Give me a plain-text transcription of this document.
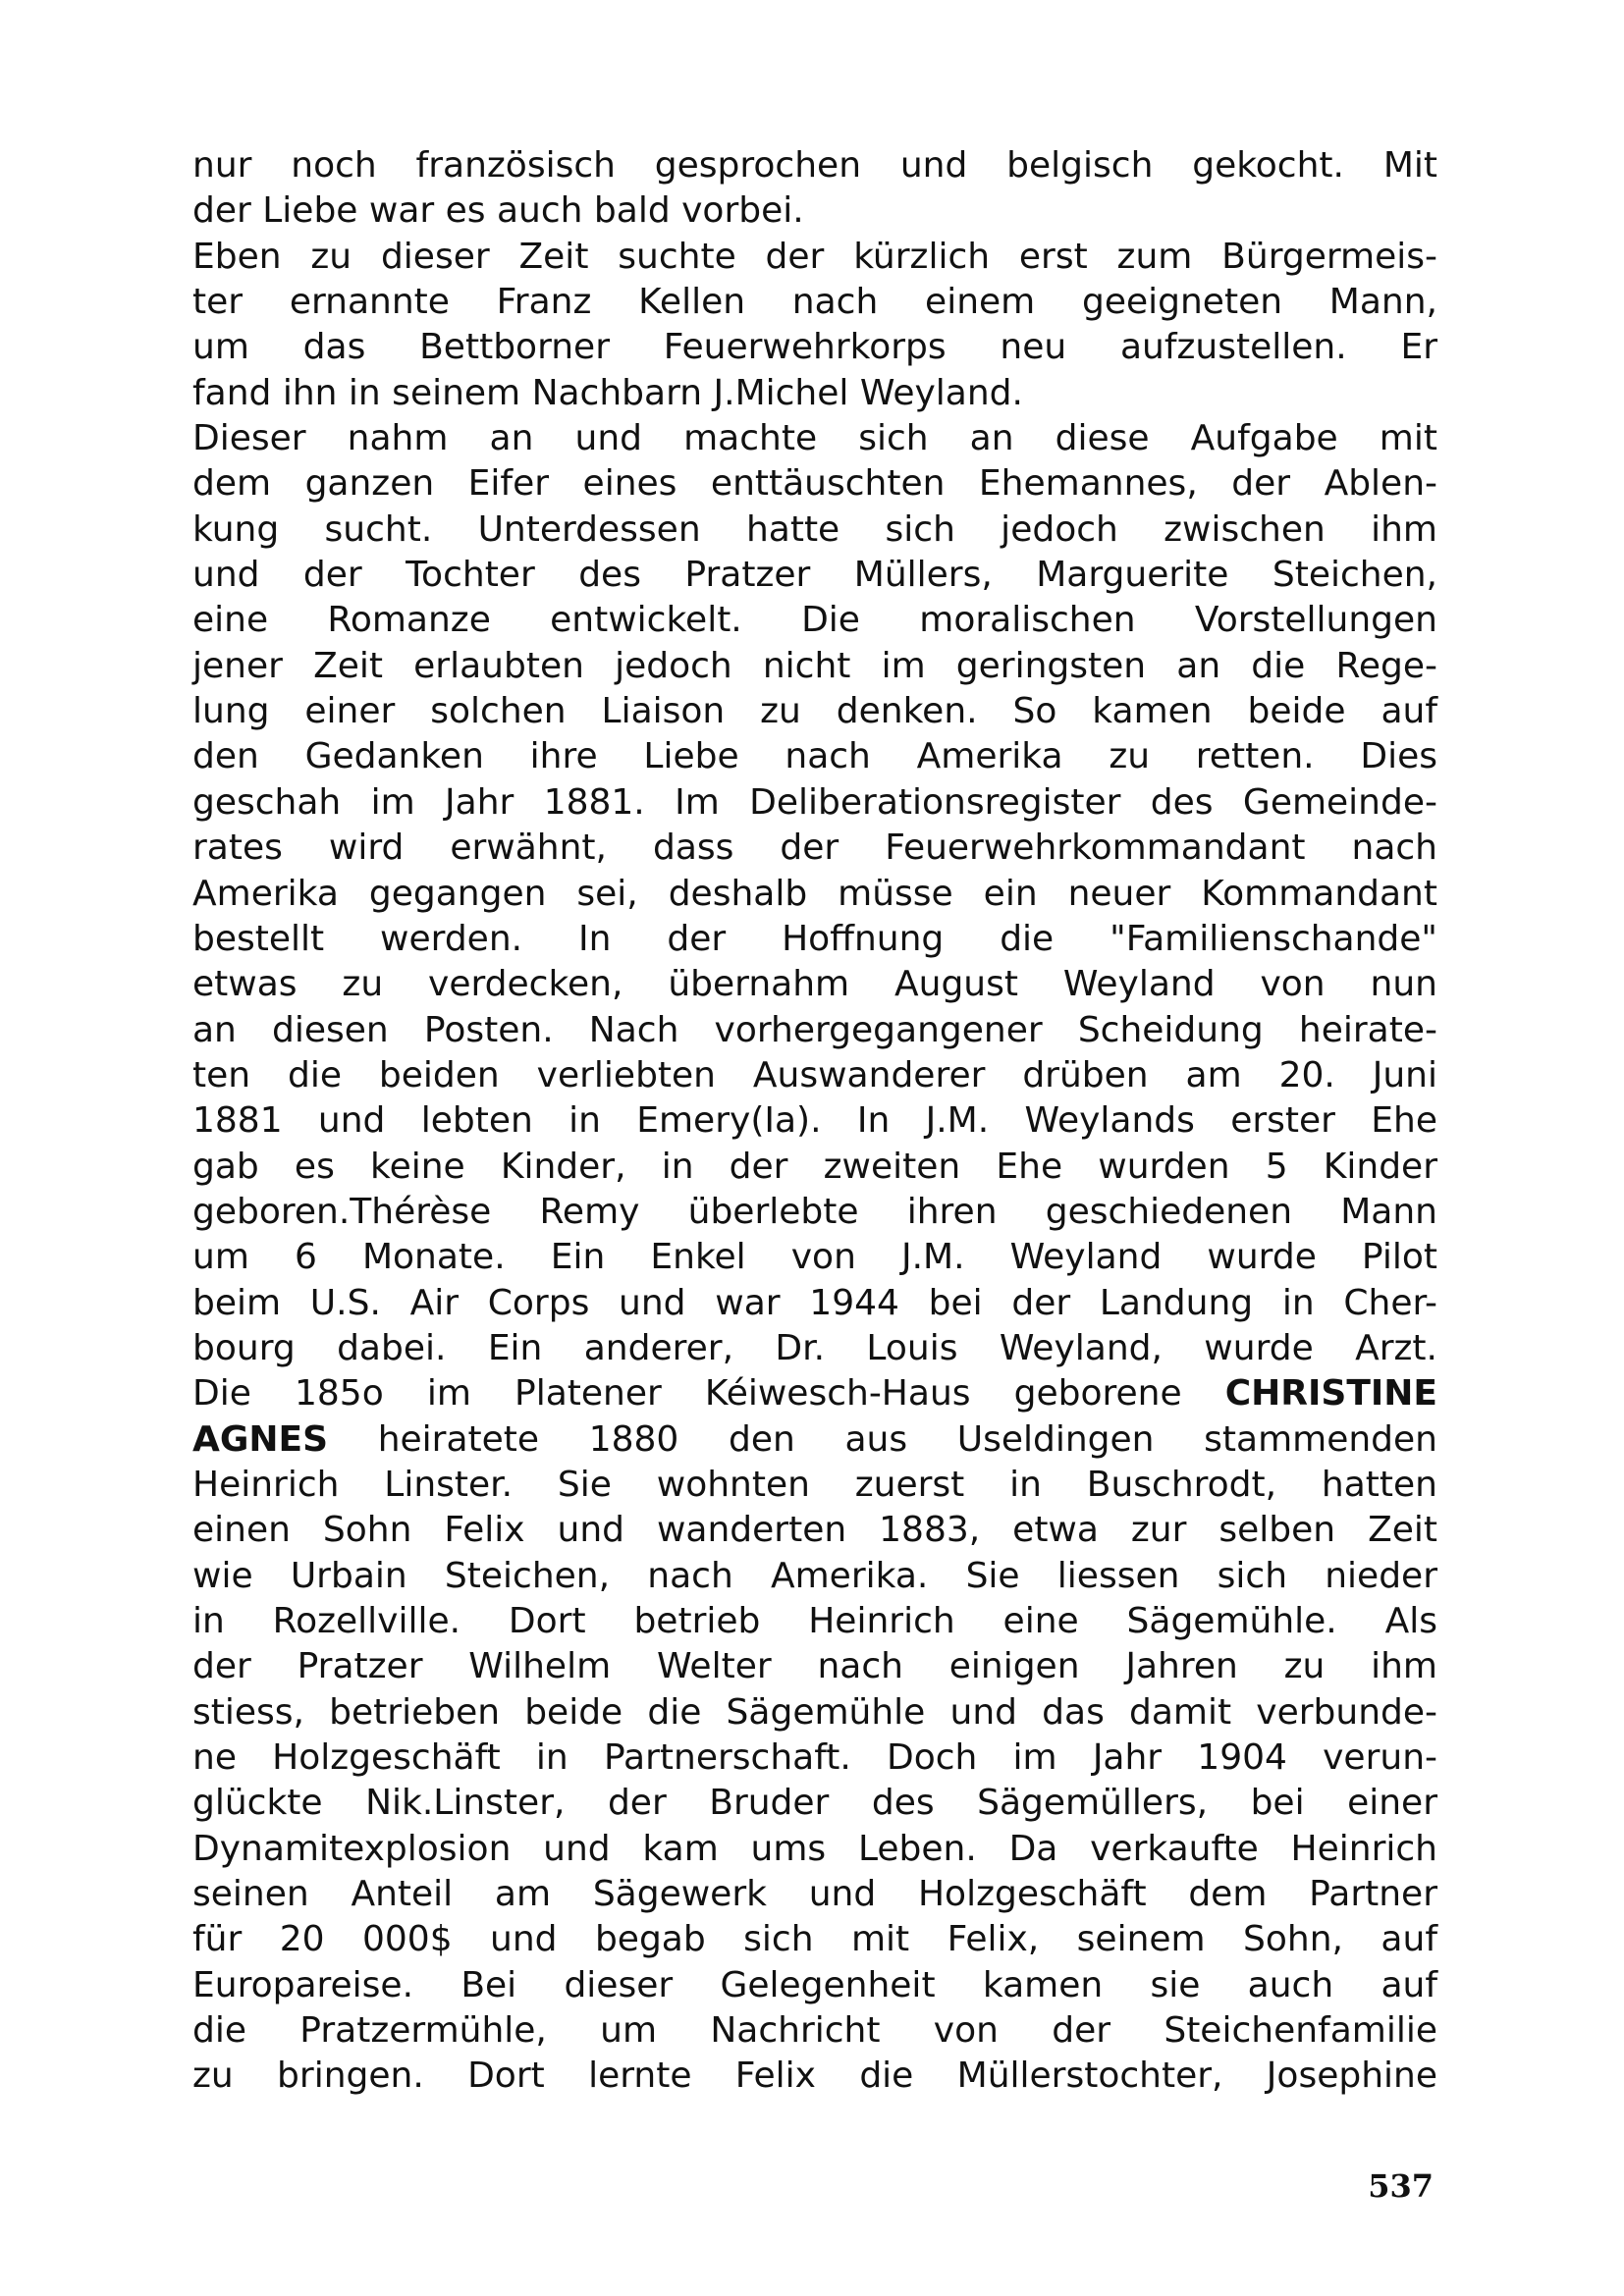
nur noch französisch gesprochen und belgisch gekocht. Mit
der Liebe war es auch bald vorbei.
Eben zu dieser Zeit suchte der kürzlich erst zum Bürgermeis-
ter ernannte Franz Kellen nach einem geeigneten Mann,
um das Bettborner Feuerwehrkorps neu aufzustellen. Er
fand ihn in seinem Nachbarn J.Michel Weyland.
Dieser nahm an und machte sich an diese Aufgabe mit
dem ganzen Eifer eines enttäuschten Ehemannes, der Ablen-
kung sucht. Unterdessen hatte sich jedoch zwischen ihm
und der Tochter des Pratzer Müllers, Marguerite Steichen,
eine Romanze entwickelt. Die moralischen Vorstellungen
jener Zeit erlaubten jedoch nicht im geringsten an die Rege-
lung einer solchen Liaison zu denken. So kamen beide auf
den Gedanken ihre Liebe nach Amerika zu retten. Dies
geschah im Jahr 1881. Im Deliberationsregister des Gemeinde-
rates wird erwähnt, dass der Feuerwehrkommandant nach
Amerika gegangen sei, deshalb müsse ein neuer Kommandant
bestellt werden. In der Hoffnung die "Familienschande"
etwas zu verdecken, übernahm August Weyland von nun
an diesen Posten. Nach vorhergegangener Scheidung heirate-
ten die beiden verliebten Auswanderer drüben am 20. Juni
1881 und lebten in Emery(Ia). In J.M. Weylands erster Ehe
gab es keine Kinder, in der zweiten Ehe wurden 5 Kinder
geboren.Thérèse Remy überlebte ihren geschiedenen Mann
um 6 Monate. Ein Enkel von J.M. Weyland wurde Pilot
beim U.S. Air Corps und war 1944 bei der Landung in Cher-
bourg dabei. Ein anderer, Dr. Louis Weyland, wurde Arzt.
Die 185o im Platener Kéiwesch-Haus geborene CHRISTINE
AGNES heiratete 1880 den aus Useldingen stammenden
Heinrich Linster. Sie wohnten zuerst in Buschrodt, hatten
einen Sohn Felix und wanderten 1883, etwa zur selben Zeit
wie Urbain Steichen, nach Amerika. Sie liessen sich nieder
in Rozellville. Dort betrieb Heinrich eine Sägemühle. Als
der Pratzer Wilhelm Welter nach einigen Jahren zu ihm
stiess, betrieben beide die Sägemühle und das damit verbunde-
ne Holzgeschäft in Partnerschaft. Doch im Jahr 1904 verun-
glückte Nik.Linster, der Bruder des Sägemüllers, bei einer
Dynamitexplosion und kam ums Leben. Da verkaufte Heinrich
seinen Anteil am Sägewerk und Holzgeschäft dem Partner
für 20 000$ und begab sich mit Felix, seinem Sohn, auf
Europareise. Bei dieser Gelegenheit kamen sie auch auf
die Pratzermühle, um Nachricht von der Steichenfamilie
zu bringen. Dort lernte Felix die Müllerstochter, Josephine
537
